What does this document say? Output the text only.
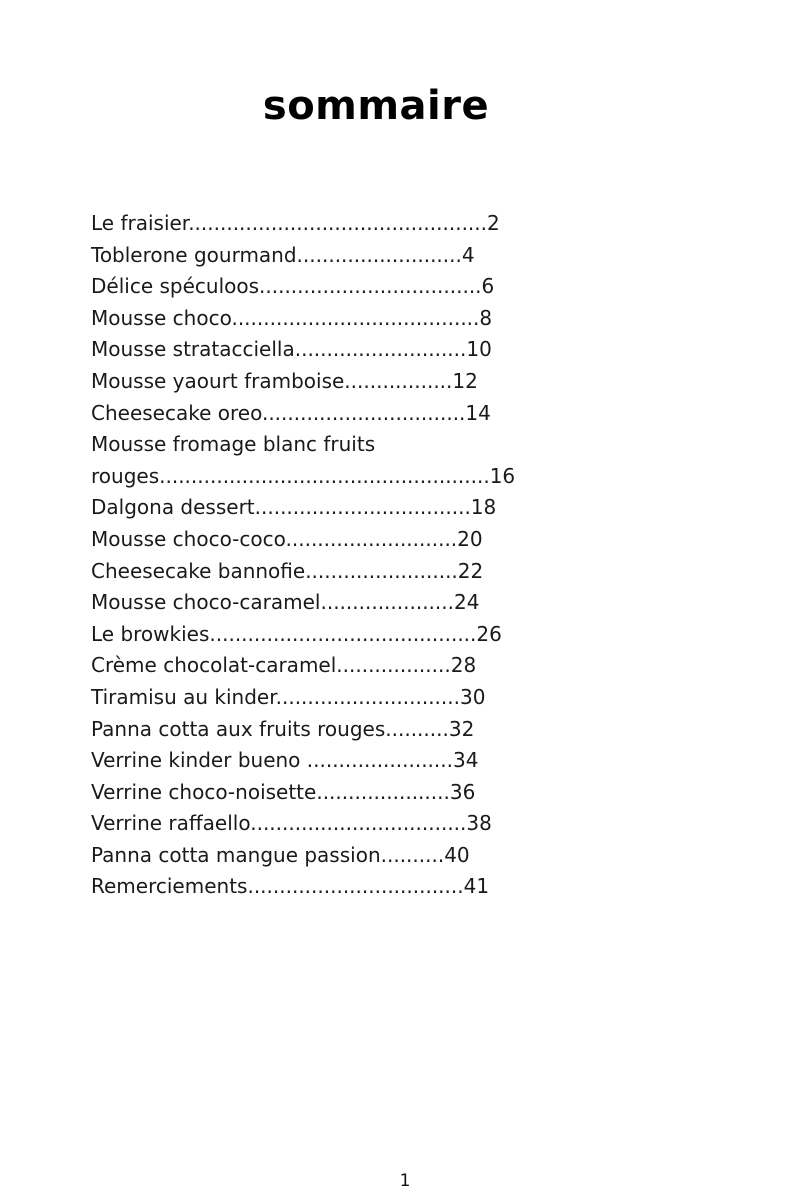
sommaire
Le fraisier...............................................2
Toblerone gourmand..........................4
Délice spéculoos...................................6
Mousse choco.......................................8
Mousse stratacciella...........................10
Mousse yaourt framboise.................12
Cheesecake oreo................................14
Mousse fromage blanc fruits
rouges....................................................16
Dalgona dessert..................................18
Mousse choco-coco...........................20
Cheesecake bannofie........................22
Mousse choco-caramel.....................24
Le browkies..........................................26
Crème chocolat-caramel..................28
Tiramisu au kinder.............................30
Panna cotta aux fruits rouges..........32
Verrine kinder bueno .......................34
Verrine choco-noisette.....................36
Verrine raffaello..................................38
Panna cotta mangue passion..........40
Remerciements..................................41
1
